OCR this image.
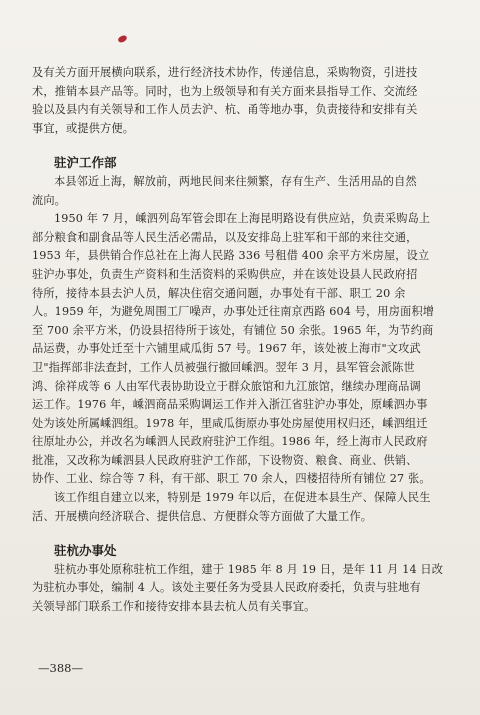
及有关方面开展横向联系，进行经济技术协作，传递信息，采购物资，引进技

术，推销本县产品等。同时，也为上级领导和有关方面来县指导工作、交流经

验以及县内有关领导和工作人员去沪、杭、甬等地办事，负责接待和安排有关

事宜，或提供方便。

驻沪工作部

本县邻近上海，解放前，两地民间来往频繁，存有生产、生活用品的自然

流向。

1950 年 7 月，嵊泗列岛军管会即在上海昆明路设有供应站，负责采购岛上

部分粮食和副食品等人民生活必需品，以及安排岛上驻军和干部的来往交通，

1953 年，县供销合作总社在上海人民路 336 号租借 400 余平方米房屋，设立

驻沪办事处，负责生产资料和生活资料的采购供应，并在该处设县人民政府招

待所，接待本县去沪人员，解决住宿交通问题，办事处有干部、职工 20 余

人。1959 年，为避免周围工厂噪声，办事处迁往南京西路 604 号，用房面积增

至 700 余平方米，仍设县招待所于该处，有铺位 50 余张。1965 年，为节约商

品运费，办事处迁至十六铺里咸瓜街 57 号。1967 年，该处被上海市"文攻武

卫"指挥部非法查封，工作人员被强行撤回嵊泗。翌年 3 月，县军管会派陈世

鸿、徐祥成等 6 人由军代表协助设立于群众旅馆和九江旅馆，继续办理商品调

运工作。1976 年，嵊泗商品采购调运工作并入浙江省驻沪办事处，原嵊泗办事

处为该处所属嵊泗组。1978 年，里咸瓜街原办事处房屋使用权归还，嵊泗组迁

往原址办公，并改名为嵊泗人民政府驻沪工作组。1986 年，经上海市人民政府

批准，又改称为嵊泗县人民政府驻沪工作部，下设物资、粮食、商业、供销、

协作、工业、综合等 7 科，有干部、职工 70 余人，四楼招待所有铺位 27 张。

该工作组自建立以来，特别是 1979 年以后，在促进本县生产、保障人民生

活、开展横向经济联合、提供信息、方便群众等方面做了大量工作。

驻杭办事处

驻杭办事处原称驻杭工作组，建于 1985 年 8 月 19 日，是年 11 月 14 日改

为驻杭办事处，编制 4 人。该处主要任务为受县人民政府委托，负责与驻地有

关领导部门联系工作和接待安排本县去杭人员有关事宜。

—388—
